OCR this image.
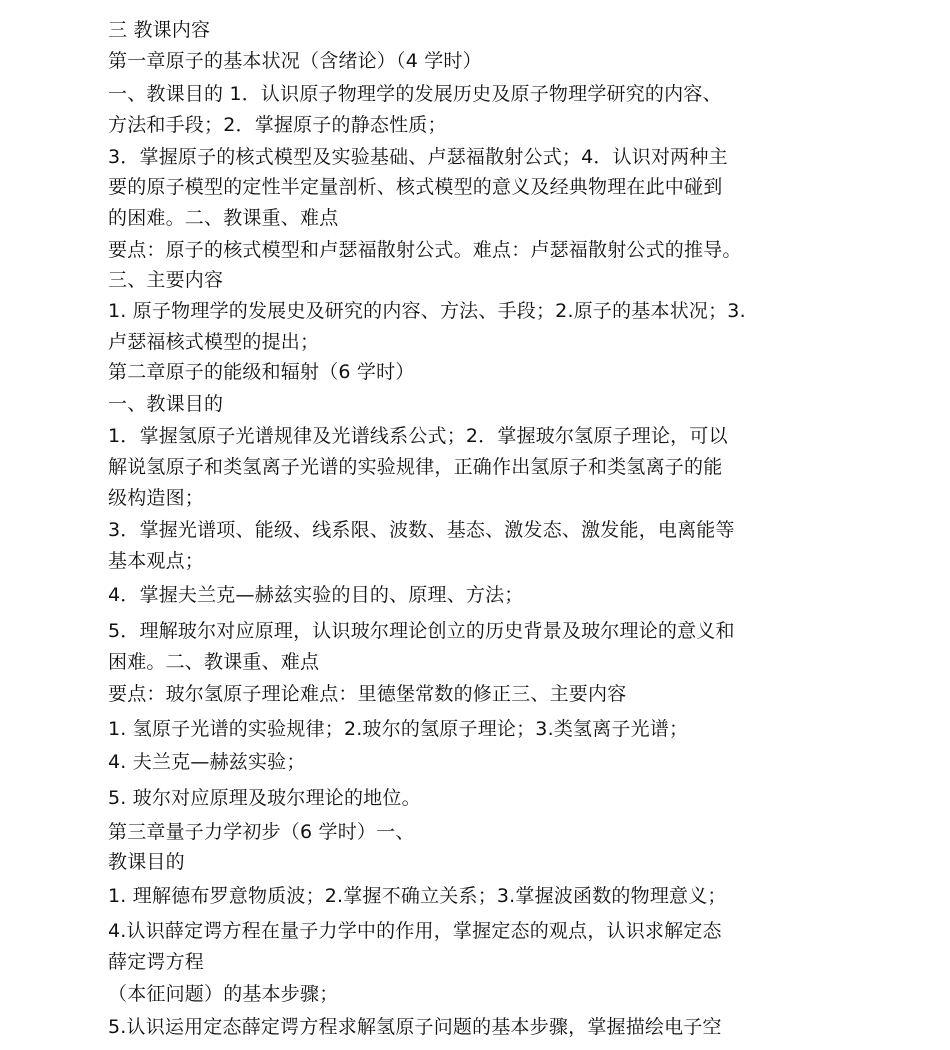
三 教课内容
第一章原子的基本状况（含绪论）（4 学时）
一、教课目的 1．认识原子物理学的发展历史及原子物理学研究的内容、
方法和手段；2．掌握原子的静态性质；
3．掌握原子的核式模型及实验基础、卢瑟福散射公式；4．认识对两种主
要的原子模型的定性半定量剖析、核式模型的意义及经典物理在此中碰到
的困难。二、教课重、难点
要点：原子的核式模型和卢瑟福散射公式。难点：卢瑟福散射公式的推导。
三、主要内容
1. 原子物理学的发展史及研究的内容、方法、手段；2.原子的基本状况；3.
卢瑟福核式模型的提出；
第二章原子的能级和辐射（6 学时）
一、教课目的
1．掌握氢原子光谱规律及光谱线系公式；2．掌握玻尔氢原子理论，可以
解说氢原子和类氢离子光谱的实验规律，正确作出氢原子和类氢离子的能
级构造图；
3．掌握光谱项、能级、线系限、波数、基态、激发态、激发能，电离能等
基本观点；
4．掌握夫兰克—赫兹实验的目的、原理、方法；
5．理解玻尔对应原理，认识玻尔理论创立的历史背景及玻尔理论的意义和
困难。二、教课重、难点
要点：玻尔氢原子理论难点：里德堡常数的修正三、主要内容
1. 氢原子光谱的实验规律；2.玻尔的氢原子理论；3.类氢离子光谱；
4. 夫兰克—赫兹实验；
5. 玻尔对应原理及玻尔理论的地位。
第三章量子力学初步（6 学时）一、
教课目的
1. 理解德布罗意物质波；2.掌握不确立关系；3.掌握波函数的物理意义；
4.认识薛定谔方程在量子力学中的作用，掌握定态的观点，认识求解定态
薛定谔方程
（本征问题）的基本步骤；
5.认识运用定态薛定谔方程求解氢原子问题的基本步骤，掌握描绘电子空
